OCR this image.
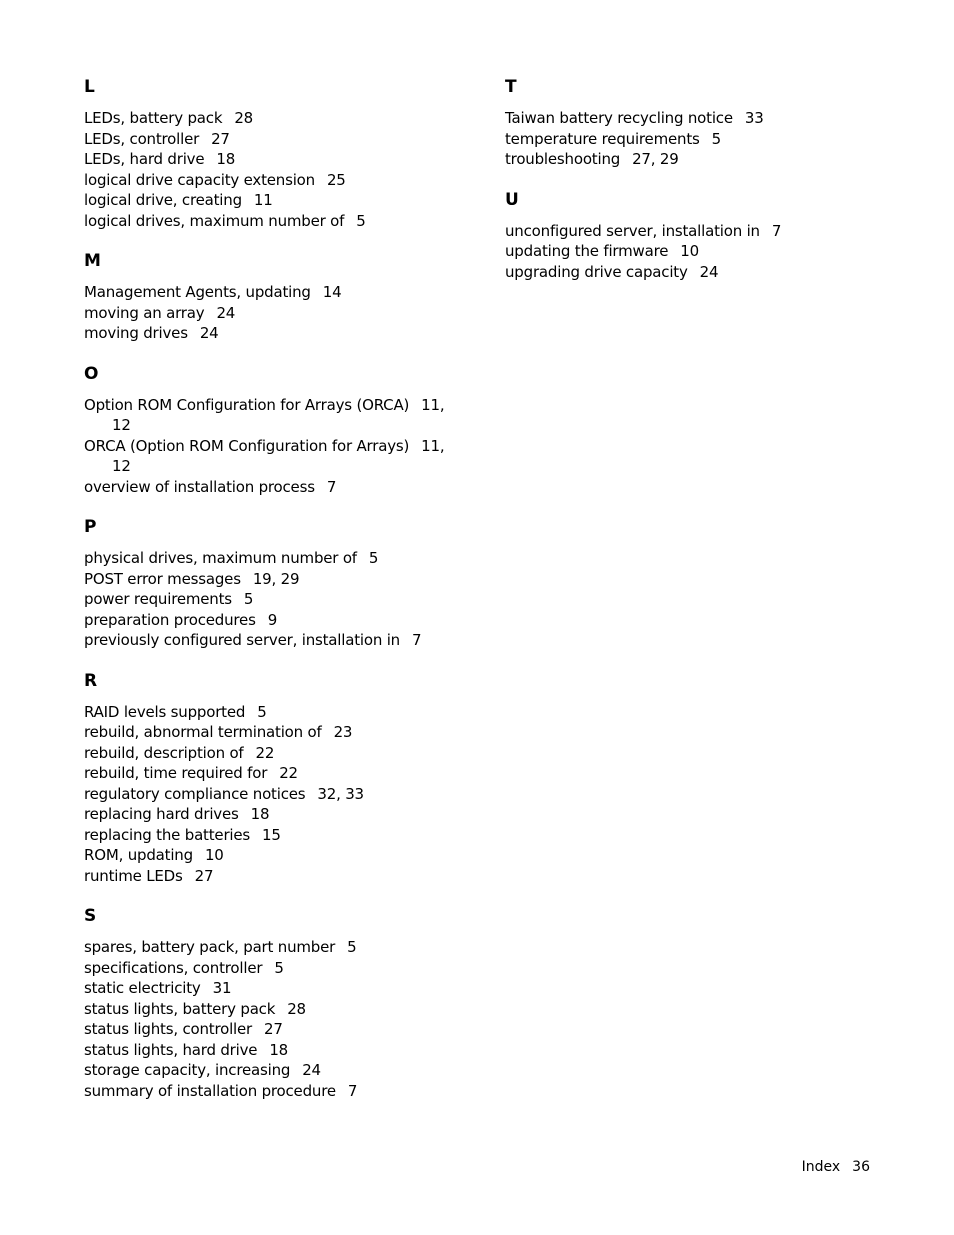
L
LEDs, battery pack 28
LEDs, controller 27
LEDs, hard drive 18
logical drive capacity extension 25
logical drive, creating 11
logical drives, maximum number of 5
M
Management Agents, updating 14
moving an array 24
moving drives 24
O
Option ROM Configuration for Arrays (ORCA) 11, 12
ORCA (Option ROM Configuration for Arrays) 11, 12
overview of installation process 7
P
physical drives, maximum number of 5
POST error messages 19, 29
power requirements 5
preparation procedures 9
previously configured server, installation in 7
R
RAID levels supported 5
rebuild, abnormal termination of 23
rebuild, description of 22
rebuild, time required for 22
regulatory compliance notices 32, 33
replacing hard drives 18
replacing the batteries 15
ROM, updating 10
runtime LEDs 27
S
spares, battery pack, part number 5
specifications, controller 5
static electricity 31
status lights, battery pack 28
status lights, controller 27
status lights, hard drive 18
storage capacity, increasing 24
summary of installation procedure 7
T
Taiwan battery recycling notice 33
temperature requirements 5
troubleshooting 27, 29
U
unconfigured server, installation in 7
updating the firmware 10
upgrading drive capacity 24
Index 36
